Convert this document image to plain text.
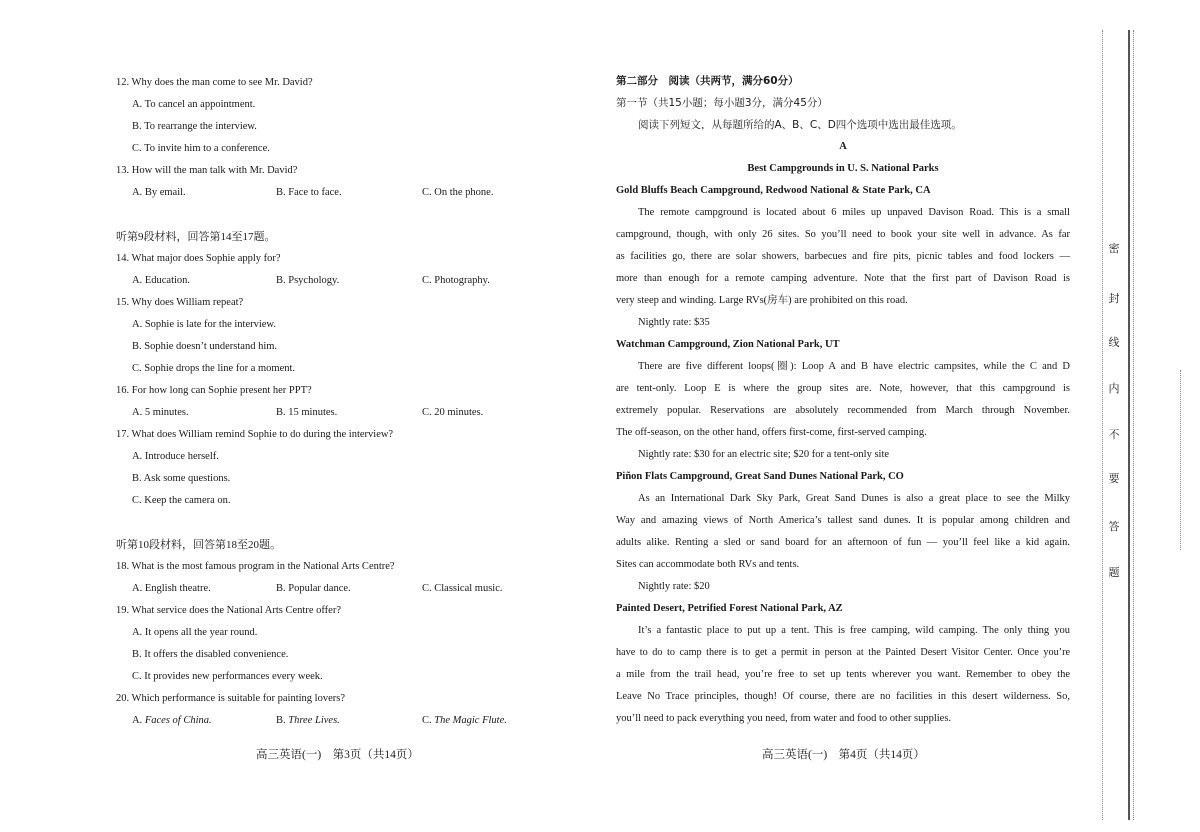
12. Why does the man come to see Mr. David?
A. To cancel an appointment.
B. To rearrange the interview.
C. To invite him to a conference.
13. How will the man talk with Mr. David?
A. By email.	B. Face to face.	C. On the phone.
听第9段材料，回答第14至17题。
14. What major does Sophie apply for?
A. Education.	B. Psychology.	C. Photography.
15. Why does William repeat?
A. Sophie is late for the interview.
B. Sophie doesn’t understand him.
C. Sophie drops the line for a moment.
16. For how long can Sophie present her PPT?
A. 5 minutes.	B. 15 minutes.	C. 20 minutes.
17. What does William remind Sophie to do during the interview?
A. Introduce herself.
B. Ask some questions.
C. Keep the camera on.
听第10段材料，回答第18至20题。
18. What is the most famous program in the National Arts Centre?
A. English theatre.	B. Popular dance.	C. Classical music.
19. What service does the National Arts Centre offer?
A. It opens all the year round.
B. It offers the disabled convenience.
C. It provides new performances every week.
20. Which performance is suitable for painting lovers?
A. Faces of China.	B. Three Lives.	C. The Magic Flute.
高三英语(一)　第3页（共14页）
第二部分　阅读（共两节，满分60分）
第一节（共15小题；每小题3分，满分45分）
阅读下列短文，从每题所给的A、B、C、D四个选项中选出最佳选项。
A
Best Campgrounds in U. S. National Parks
Gold Bluffs Beach Campground, Redwood National & State Park, CA
The remote campground is located about 6 miles up unpaved Davison Road. This is a small
campground, though, with only 26 sites. So you’ll need to book your site well in advance. As far
as facilities go, there are solar showers, barbecues and fire pits, picnic tables and food lockers —
more than enough for a remote camping adventure. Note that the first part of Davison Road is
very steep and winding. Large RVs(房车) are prohibited on this road.
Nightly rate: $35
Watchman Campground, Zion National Park, UT
There are five different loops(圈): Loop A and B have electric campsites, while the C and D
are tent-only. Loop E is where the group sites are. Note, however, that this campground is
extremely popular. Reservations are absolutely recommended from March through November.
The off-season, on the other hand, offers first-come, first-served camping.
Nightly rate: $30 for an electric site; $20 for a tent-only site
Piñon Flats Campground, Great Sand Dunes National Park, CO
As an International Dark Sky Park, Great Sand Dunes is also a great place to see the Milky
Way and amazing views of North America’s tallest sand dunes. It is popular among children and
adults alike. Renting a sled or sand board for an afternoon of fun — you’ll feel like a kid again.
Sites can accommodate both RVs and tents.
Nightly rate: $20
Painted Desert, Petrified Forest National Park, AZ
It’s a fantastic place to put up a tent. This is free camping, wild camping. The only thing you
have to do to camp there is to get a permit in person at the Painted Desert Visitor Center. Once you’re
a mile from the trail head, you’re free to set up tents wherever you want. Remember to obey the
Leave No Trace principles, though! Of course, there are no facilities in this desert wilderness. So,
you’ll need to pack everything you need, from water and food to other supplies.
高三英语(一)　第4页（共14页）
密
封
线
内
不
要
答
题
